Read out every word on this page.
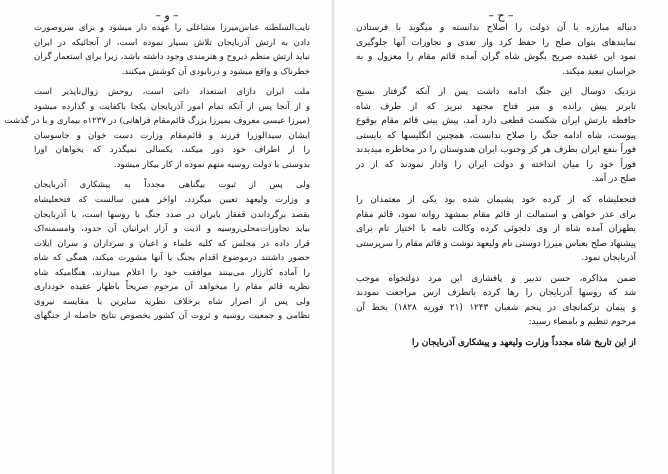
– و –
نایب‌السلطنه عباس‌میرزا مشاغلی را عهده دار میشود و برای سروصورت
دادن به ارتش آذربایجان تلاش بسیار نموده است، از آنجائیکه در ایران
نباید ارتش منظم ذیروح و هنرمندی وجود داشته باشد، زیرا برای استعمار گران
خطرناک و واقع میشود و درنابودی آن کوشش میکنند.
ملت ایران دارای استعداد ذاتی است، روحش زوال‌ناپذیر است
و از آنجا پس از آنکه تمام امور آذربایجان یکجا باکفایت و گذارده میشود
(میرزا عیسی معروف بمیرزا بزرگ قائم‌مقام فراهانی) در ۱۲۳۷ه بیماری و با در گذشت
ایشان سیدالوزرا فرزند و قائم‌مقام وزارت دست خوان و جاسوسان
را از اطراف خود دور میکند، یکسالی نمیگذرد که بخواهان اورا
بدوستی با دولت روسیه متهم نموده از کار بیکار میشود.
ولی پس از ثبوت بیگناهی مجدداً به پیشکاری آذربایجان
و وزارت ولیعهد تعیین میگردد، اواخر همین سالست که فتحعلیشاه
بقصد برگرداندن قفقاز بایران در صدد جنگ با روسها است، با آذربایجان
بیاید تجاوزات‌محلی‌روسیه و اذیت و آزار ایرانیان آن حدود، وامسمنه‌اک
قرار داده در مجلس که کلیه علماء و اعیان و سرداران و سران ایلات
حضور داشتند درموضوع اقدام بجنگ با آنها مشورت میکند، همگی که شاه
را آماده کارزار می‌بینند موافقت خود را اعلام میدارند، هنگامیکه شاه
نظریه قائم مقام را میخواهد آن مرحوم صریحاً باظهار عقیده خودداری
ولی پس از اصرار شاه برخلاف نظریه سایرین با مقایسه نیروی
نظامی و جمعیت روسیه و ثروت آن کشور بخصوص نتایج حاصله از جنگهای
– ح –
دنباله مبارزه با آن دولت را اصلاح ندانسته و میگوید با فرستادن
نمایندهای بتوان صلح را حفظ کرد واز تعدی و تجاوزات آنها جلوگیری
نمود این عقیده صریح بگوش شاه گران آمده قائم مقام را معزول و به
خراسان تبعید میکند.
نزدیک دوسال این جنگ ادامه داشت پس از آنکه گرفتار بسیج
تابرتر پیش رانده و میر فتاح مجتهد تبریز که از طرف شاه
حافظه بارتش ایران شکست قطعی دارد آمد، پیش بینی قائم مقام بوقوع
پیوست، شاه ادامه جنگ را صلاح ندانست، همچنین انگلیسها که بایستی
فوراً بنفع ایران بطرف هر کز وجنوب ایران هندوستان را در مخاطره میدیدند
فوراً خود را میان انداخته و دولت ایران را وادار نمودند که از در
صلح در آمد.
فتحعلیشاه که از کرده خود پشیمان شده بود یکی از معتمدان را
برای عذر خواهی و استمالت از قائم مقام بمشهد روانه نمود، قائم مقام
بطهران آمده شاه از وی دلجوئی کرده وکالت تامه با اختیار تام برای
پیشنهاد صلح بعباس میرزا دوستی نام ولیعهد نوشت و قائم مقام را سرپرستی
آذربایجان نمود.
ضمن مذاکره، حسن تدبیر و پافشاری این مرد دولتخواه موجب
شد که روسها آذربایجان را رها کرده باتطرف ارس مراجعت نمودند
و پیمان ترکمانچای در پنجم شعبان ۱۲۴۳ (۲۱ فوریه ۱۸۲۸) بخط آن
مرحوم تنظیم و بامضاء رسید:
از این تاریخ شاه مجدداً وزارت ولیعهد و پیشکاری آذربایجان را
